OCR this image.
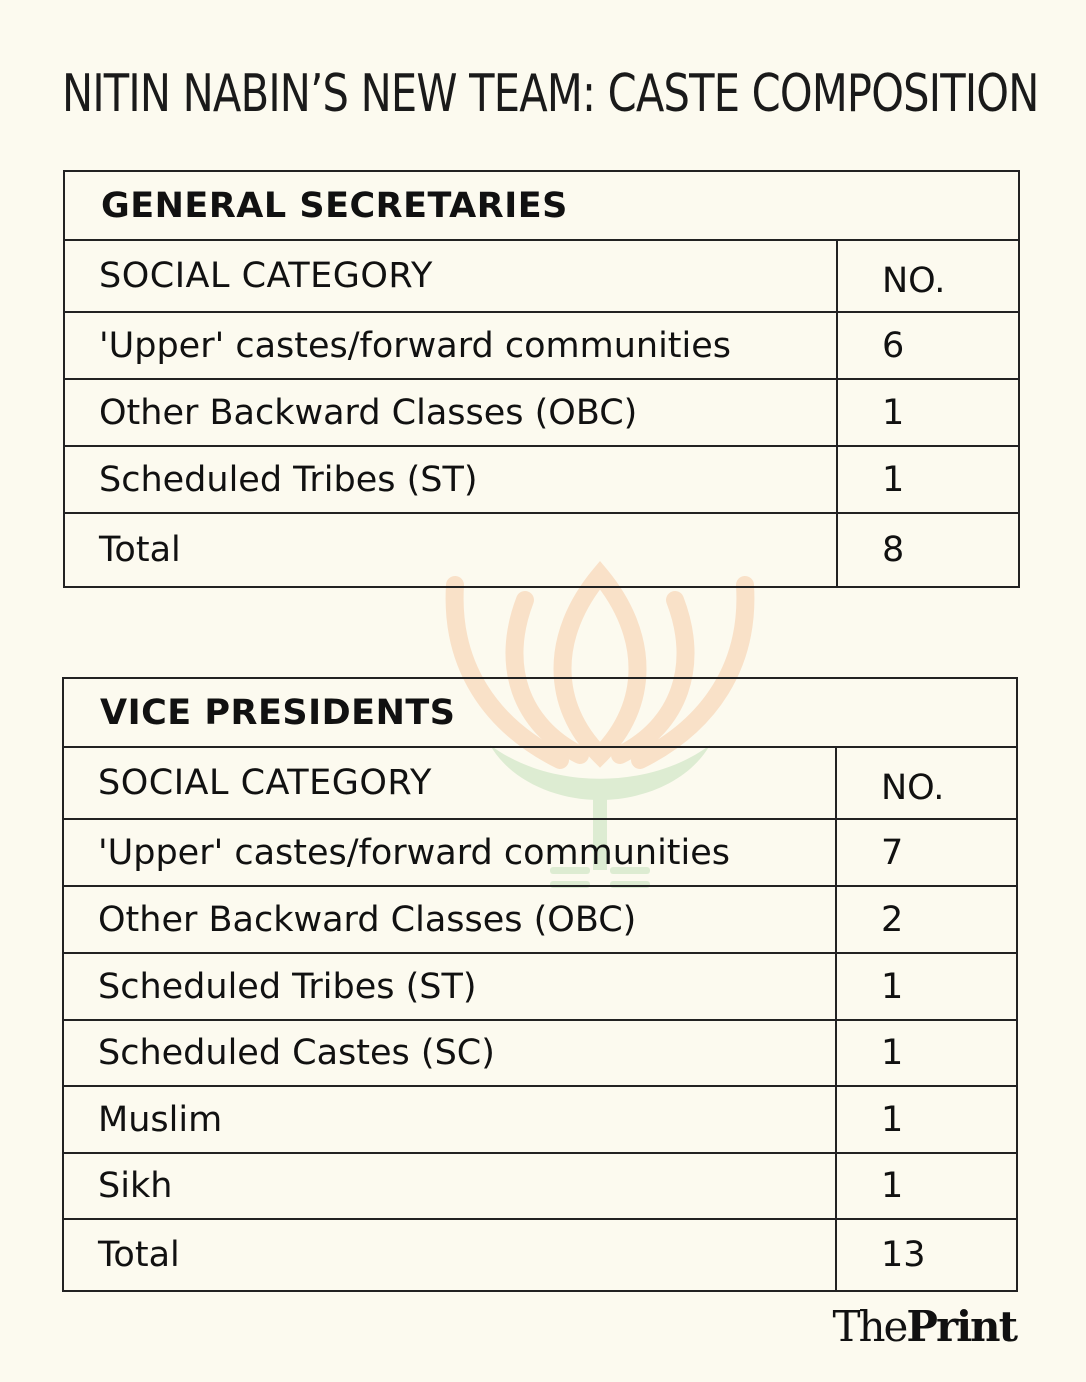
NITIN NABIN’S NEW TEAM: CASTE COMPOSITION
GENERAL SECRETARIES	
SOCIAL CATEGORY	NO.
'Upper' castes/forward communities	6
Other Backward Classes (OBC)	1
Scheduled Tribes (ST)	1
Total	8
VICE PRESIDENTS	
SOCIAL CATEGORY	NO.
'Upper' castes/forward communities	7
Other Backward Classes (OBC)	2
Scheduled Tribes (ST)	1
Scheduled Castes (SC)	1
Muslim	1
Sikh	1
Total	13
ThePrint
